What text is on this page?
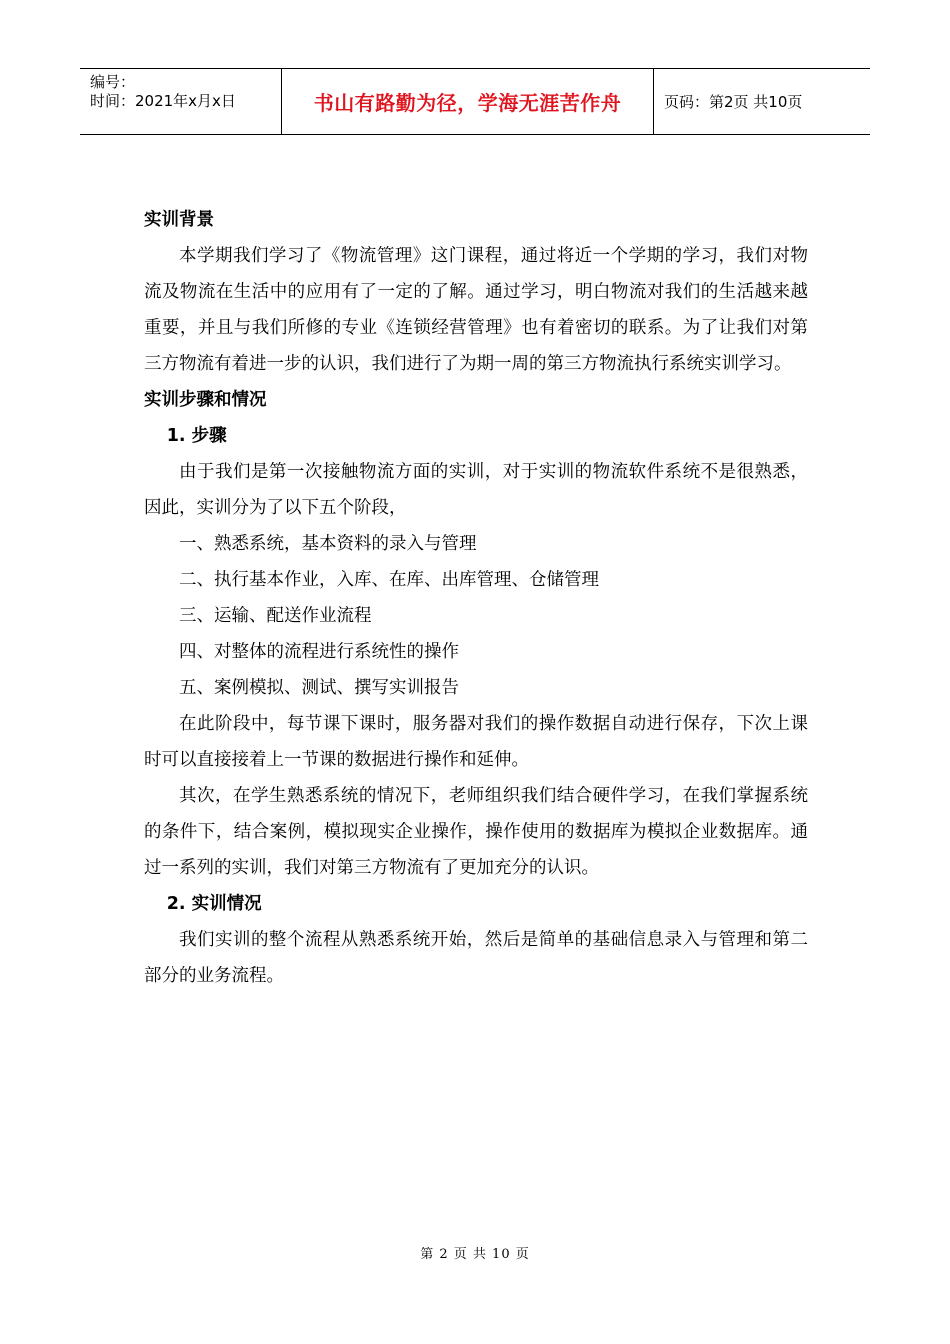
编号：
时间：2021年x月x日	书山有路勤为径，学海无涯苦作舟	页码：第2页 共10页

实训背景

本学期我们学习了《物流管理》这门课程，通过将近一个学期的学习，我们对物流及物流在生活中的应用有了一定的了解。通过学习，明白物流对我们的生活越来越重要，并且与我们所修的专业《连锁经营管理》也有着密切的联系。为了让我们对第三方物流有着进一步的认识，我们进行了为期一周的第三方物流执行系统实训学习。

实训步骤和情况

1. 步骤

由于我们是第一次接触物流方面的实训，对于实训的物流软件系统不是很熟悉，因此，实训分为了以下五个阶段，

一、熟悉系统，基本资料的录入与管理

二、执行基本作业，入库、在库、出库管理、仓储管理

三、运输、配送作业流程

四、对整体的流程进行系统性的操作

五、案例模拟、测试、撰写实训报告

在此阶段中，每节课下课时，服务器对我们的操作数据自动进行保存，下次上课时可以直接接着上一节课的数据进行操作和延伸。

其次，在学生熟悉系统的情况下，老师组织我们结合硬件学习，在我们掌握系统的条件下，结合案例，模拟现实企业操作，操作使用的数据库为模拟企业数据库。通过一系列的实训，我们对第三方物流有了更加充分的认识。

2. 实训情况

我们实训的整个流程从熟悉系统开始，然后是简单的基础信息录入与管理和第二部分的业务流程。

第 2 页 共 10 页
